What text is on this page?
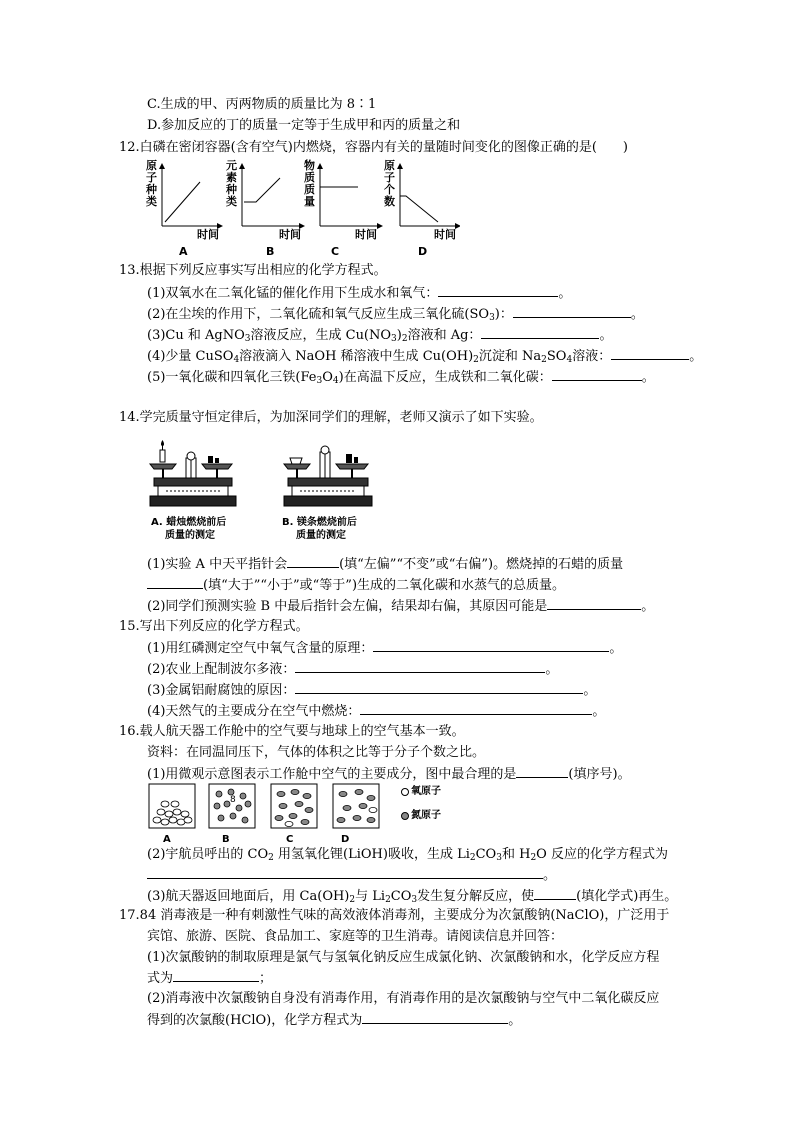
C.生成的甲、丙两物质的质量比为 8∶1
D.参加反应的丁的质量一定等于生成甲和丙的质量之和
12.白磷在密闭容器(含有空气)内燃烧，容器内有关的量随时间变化的图像正确的是(　　)
原
子
种
类
元
素
种
类
物
质
质
量
原
子
个
数
时间	时间	时间	时间
A	B	C	D
13.根据下列反应事实写出相应的化学方程式。
(1)双氧水在二氧化锰的催化作用下生成水和氧气：	。
(2)在尘埃的作用下，二氧化硫和氧气反应生成三氧化硫$(SO_3)$：	。
(3)Cu 和 AgNO$_3$溶液反应，生成 $Cu(NO_3)_2$溶液和 Ag：	。
(4)少量 CuSO$_4$溶液滴入 NaOH 稀溶液中生成 $Cu(OH)_2$沉淀和 $Na_2SO_4$溶液：	。
(5)一氧化碳和四氧化三铁$(Fe_3O_4)$在高温下反应，生成铁和二氧化碳：	。
14.学完质量守恒定律后，为加深同学们的理解，老师又演示了如下实验。
A. 蜡烛燃烧前后
质量的测定
B. 镁条燃烧前后
质量的测定
(1)实验 A 中天平指针会	(填“左偏”“不变”或“右偏”)。燃烧掉的石蜡的质量
(填“大于”“小于”或“等于”)生成的二氧化碳和水蒸气的总质量。
(2)同学们预测实验 B 中最后指针会左偏，结果却右偏，其原因可能是	。
15.写出下列反应的化学方程式。
(1)用红磷测定空气中氧气含量的原理：	。
(2)农业上配制波尔多液：	。
(3)金属铝耐腐蚀的原因：	。
(4)天然气的主要成分在空气中燃烧：	。
16.载人航天器工作舱中的空气要与地球上的空气基本一致。
资料：在同温同压下，气体的体积之比等于分子个数之比。
(1)用微观示意图表示工作舱中空气的主要成分，图中最合理的是	(填序号)。
8
氧原子
氮原子
A	B	C	D
(2)宇航员呼出的 $CO_2$ 用氢氧化锂(LiOH)吸收，生成 $Li_2CO_3$和 $H_2O$ 反应的化学方程式为
。
(3)航天器返回地面后，用 $Ca(OH)_2$与 $Li_2CO_3$发生复分解反应，使	(填化学式)再生。
17.84 消毒液是一种有刺激性气味的高效液体消毒剂，主要成分为次氯酸钠(NaClO)，广泛用于
宾馆、旅游、医院、食品加工、家庭等的卫生消毒。请阅读信息并回答：
(1)次氯酸钠的制取原理是氯气与氢氧化钠反应生成氯化钠、次氯酸钠和水，化学反应方程
式为	；
(2)消毒液中次氯酸钠自身没有消毒作用，有消毒作用的是次氯酸钠与空气中二氧化碳反应
得到的次氯酸(HClO)，化学方程式为	。
